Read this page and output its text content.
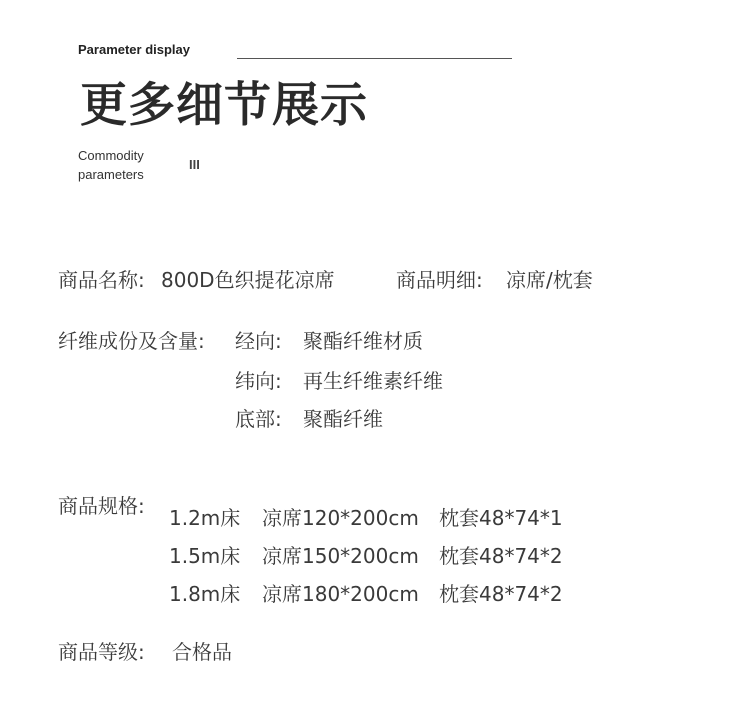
Parameter display
更多细节展示
Commodity
parameters
III
商品名称: 800D色织提花凉席	商品明细: 凉席/枕套
纤维成份及含量: 经向: 聚酯纤维材质
纬向: 再生纤维素纤维
底部: 聚酯纤维
商品规格: 1.2m床 凉席120*200cm 枕套48*74*1
1.5m床 凉席150*200cm 枕套48*74*2
1.8m床 凉席180*200cm 枕套48*74*2
商品等级: 合格品
